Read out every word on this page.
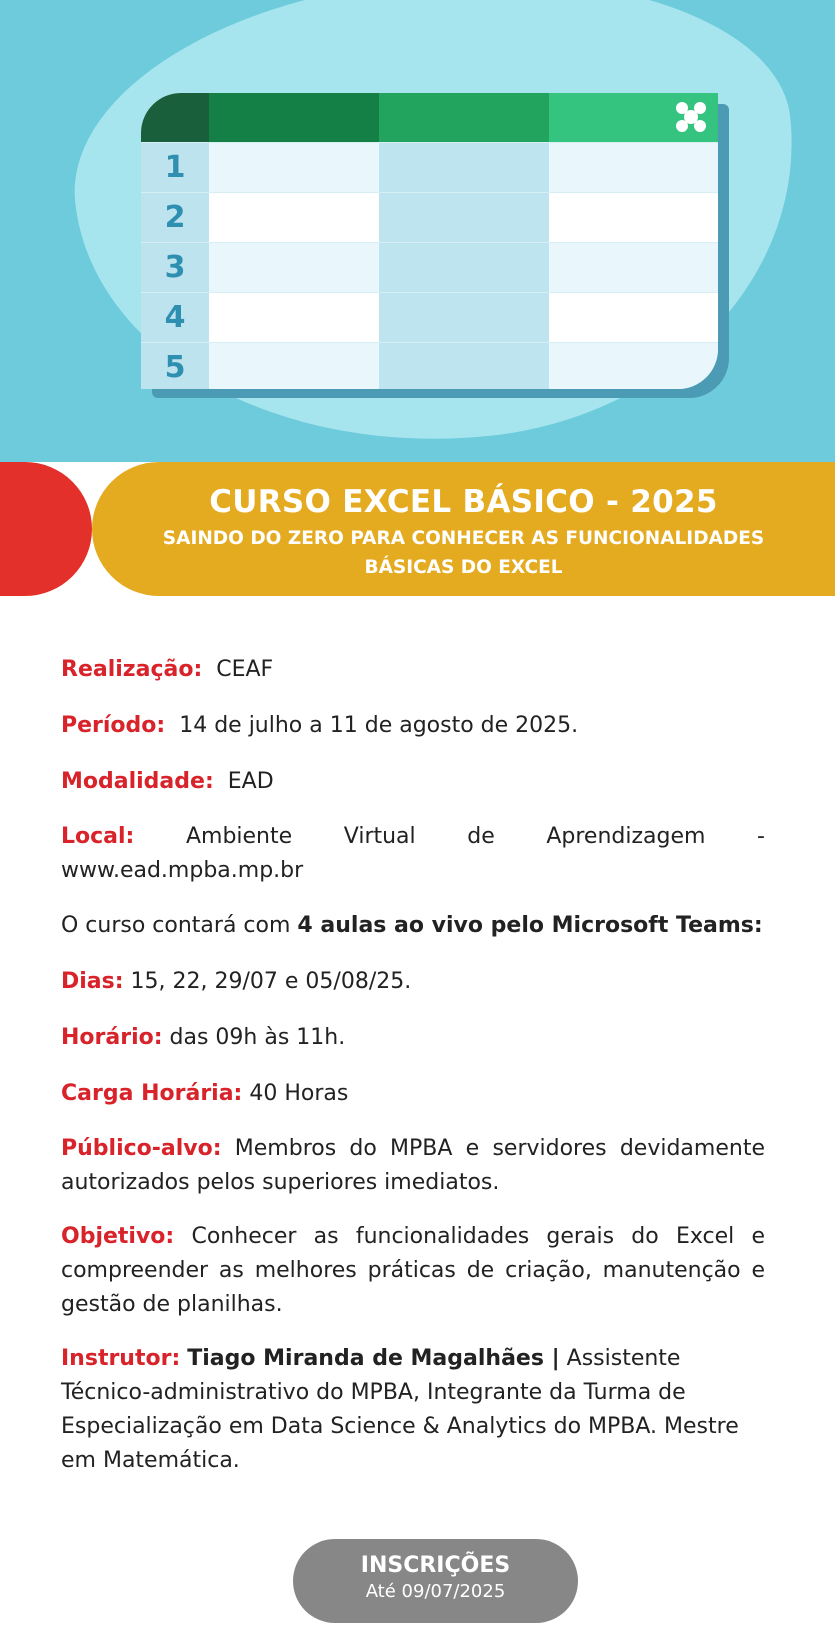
1
2
3
4
5
CURSO EXCEL BÁSICO - 2025

SAINDO DO ZERO PARA CONHECER AS FUNCIONALIDADES BÁSICAS DO EXCEL

Realização: CEAF

Período: 14 de julho a 11 de agosto de 2025.

Modalidade: EAD

Local: Ambiente Virtual de Aprendizagem - www.ead.mpba.mp.br

O curso contará com 4 aulas ao vivo pelo Microsoft Teams:

Dias: 15, 22, 29/07 e 05/08/25.

Horário: das 09h às 11h.

Carga Horária: 40 Horas

Público-alvo: Membros do MPBA e servidores devidamente autorizados pelos superiores imediatos.

Objetivo: Conhecer as funcionalidades gerais do Excel e compreender as melhores práticas de criação, manutenção e gestão de planilhas.

Instrutor: Tiago Miranda de Magalhães | Assistente Técnico-administrativo do MPBA, Integrante da Turma de Especialização em Data Science & Analytics do MPBA. Mestre em Matemática.

INSCRIÇÕES
Até 09/07/2025
